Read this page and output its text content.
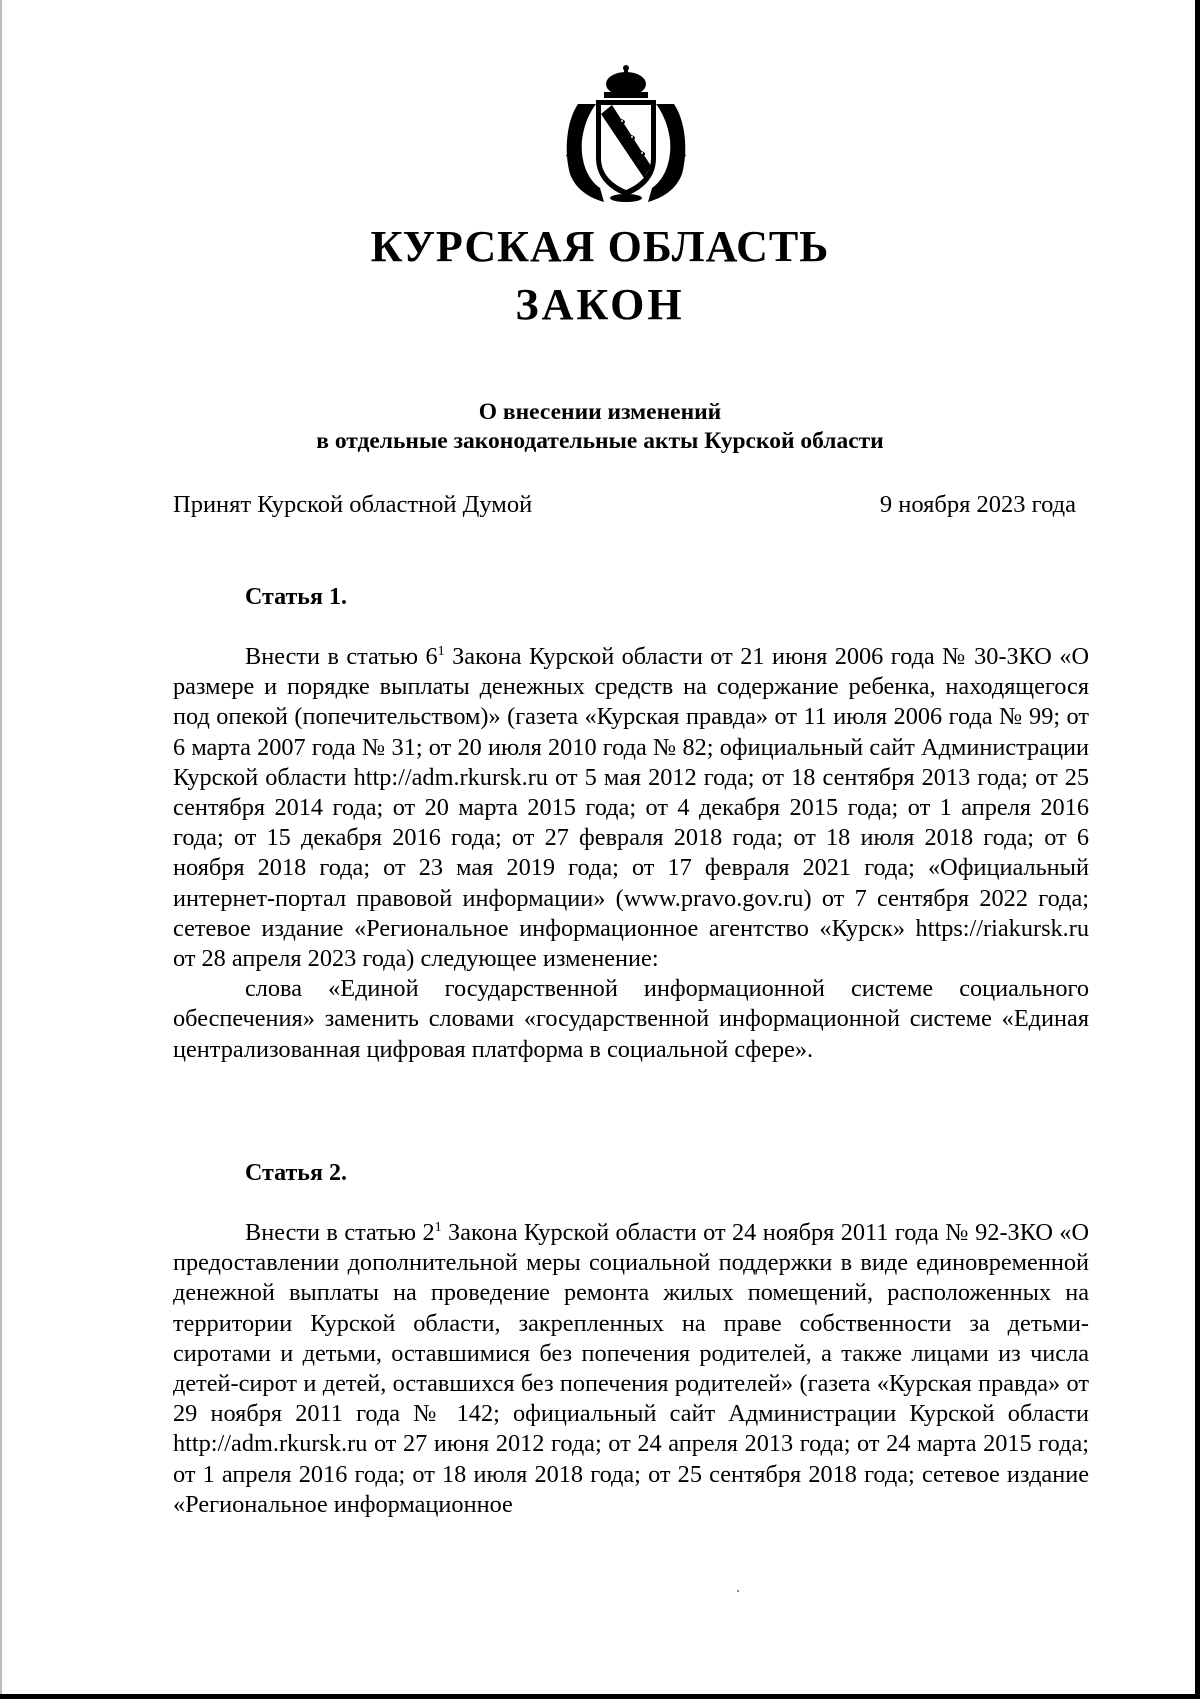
КУРСКАЯ ОБЛАСТЬ
ЗАКОН
О внесении изменений
в отдельные законодательные акты Курской области
Принят Курской областной Думой	9 ноября 2023 года
Статья 1.

Внести в статью $6^1$ Закона Курской области от 21 июня 2006 года № 30-ЗКО «О размере и порядке выплаты денежных средств на содержание ребенка, находящегося под опекой (попечительством)» (газета «Курская правда» от 11 июля 2006 года № 99; от 6 марта 2007 года № 31; от 20 июля 2010 года № 82; официальный сайт Администрации Курской области http://adm.rkursk.ru от 5 мая 2012 года; от 18 сентября 2013 года; от 25 сентября 2014 года; от 20 марта 2015 года; от 4 декабря 2015 года; от 1 апреля 2016 года; от 15 декабря 2016 года; от 27 февраля 2018 года; от 18 июля 2018 года; от 6 ноября 2018 года; от 23 мая 2019 года; от 17 февраля 2021 года; «Официальный интернет-портал правовой информации» (www.pravo.gov.ru) от 7 сентября 2022 года; сетевое издание «Региональное информационное агентство «Курск» https://riakursk.ru от 28 апреля 2023 года) следующее изменение:

слова «Единой государственной информационной системе социального обеспечения» заменить словами «государственной информационной системе «Единая централизованная цифровая платформа в социальной сфере».

Статья 2.

Внести в статью $2^1$ Закона Курской области от 24 ноября 2011 года № 92-ЗКО «О предоставлении дополнительной меры социальной поддержки в виде единовременной денежной выплаты на проведение ремонта жилых помещений, расположенных на территории Курской области, закрепленных на праве собственности за детьми-сиротами и детьми, оставшимися без попечения родителей, а также лицами из числа детей-сирот и детей, оставшихся без попечения родителей» (газета «Курская правда» от 29 ноября 2011 года № 142; официальный сайт Администрации Курской области http://adm.rkursk.ru от 27 июня 2012 года; от 24 апреля 2013 года; от 24 марта 2015 года; от 1 апреля 2016 года; от 18 июля 2018 года; от 25 сентября 2018 года; сетевое издание «Региональное информационное
